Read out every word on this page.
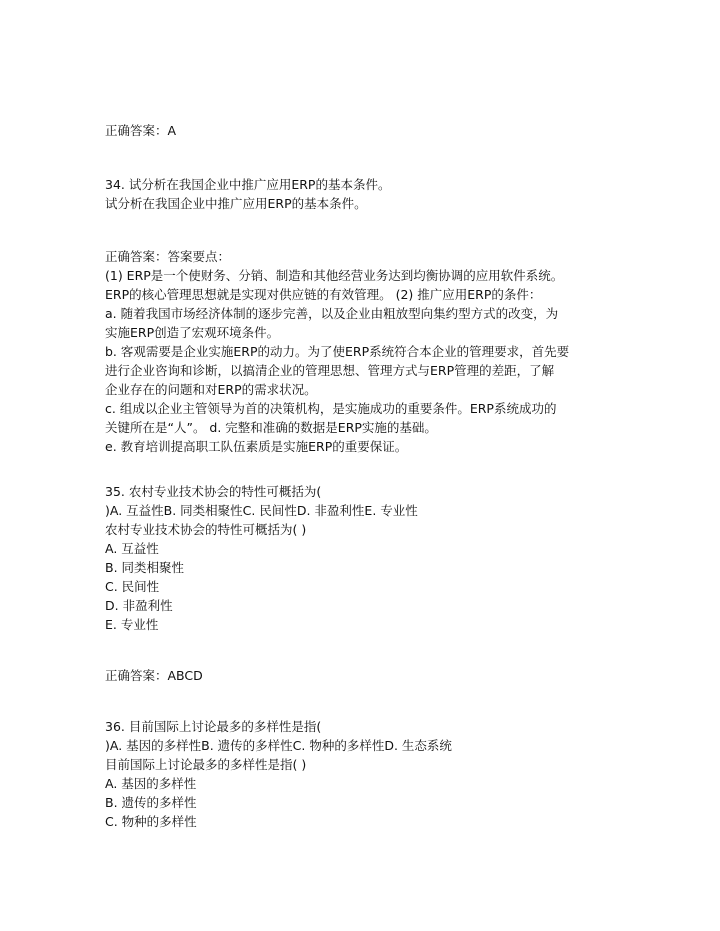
正确答案：A
34. 试分析在我国企业中推广应用ERP的基本条件。
试分析在我国企业中推广应用ERP的基本条件。
正确答案：答案要点：
(1) ERP是一个使财务、分销、制造和其他经营业务达到均衡协调的应用软件系统。
ERP的核心管理思想就是实现对供应链的有效管理。 (2) 推广应用ERP的条件：
a. 随着我国市场经济体制的逐步完善，以及企业由粗放型向集约型方式的改变，为
实施ERP创造了宏观环境条件。
b. 客观需要是企业实施ERP的动力。为了使ERP系统符合本企业的管理要求，首先要
进行企业咨询和诊断，以搞清企业的管理思想、管理方式与ERP管理的差距，了解
企业存在的问题和对ERP的需求状况。
c. 组成以企业主管领导为首的决策机构，是实施成功的重要条件。ERP系统成功的
关键所在是“人”。 d. 完整和准确的数据是ERP实施的基础。
e. 教育培训提高职工队伍素质是实施ERP的重要保证。
35. 农村专业技术协会的特性可概括为(
)A. 互益性B. 同类相聚性C. 民间性D. 非盈利性E. 专业性
农村专业技术协会的特性可概括为( )
A. 互益性
B. 同类相聚性
C. 民间性
D. 非盈利性
E. 专业性
正确答案：ABCD
36. 目前国际上讨论最多的多样性是指(
)A. 基因的多样性B. 遗传的多样性C. 物种的多样性D. 生态系统
目前国际上讨论最多的多样性是指( )
A. 基因的多样性
B. 遗传的多样性
C. 物种的多样性
